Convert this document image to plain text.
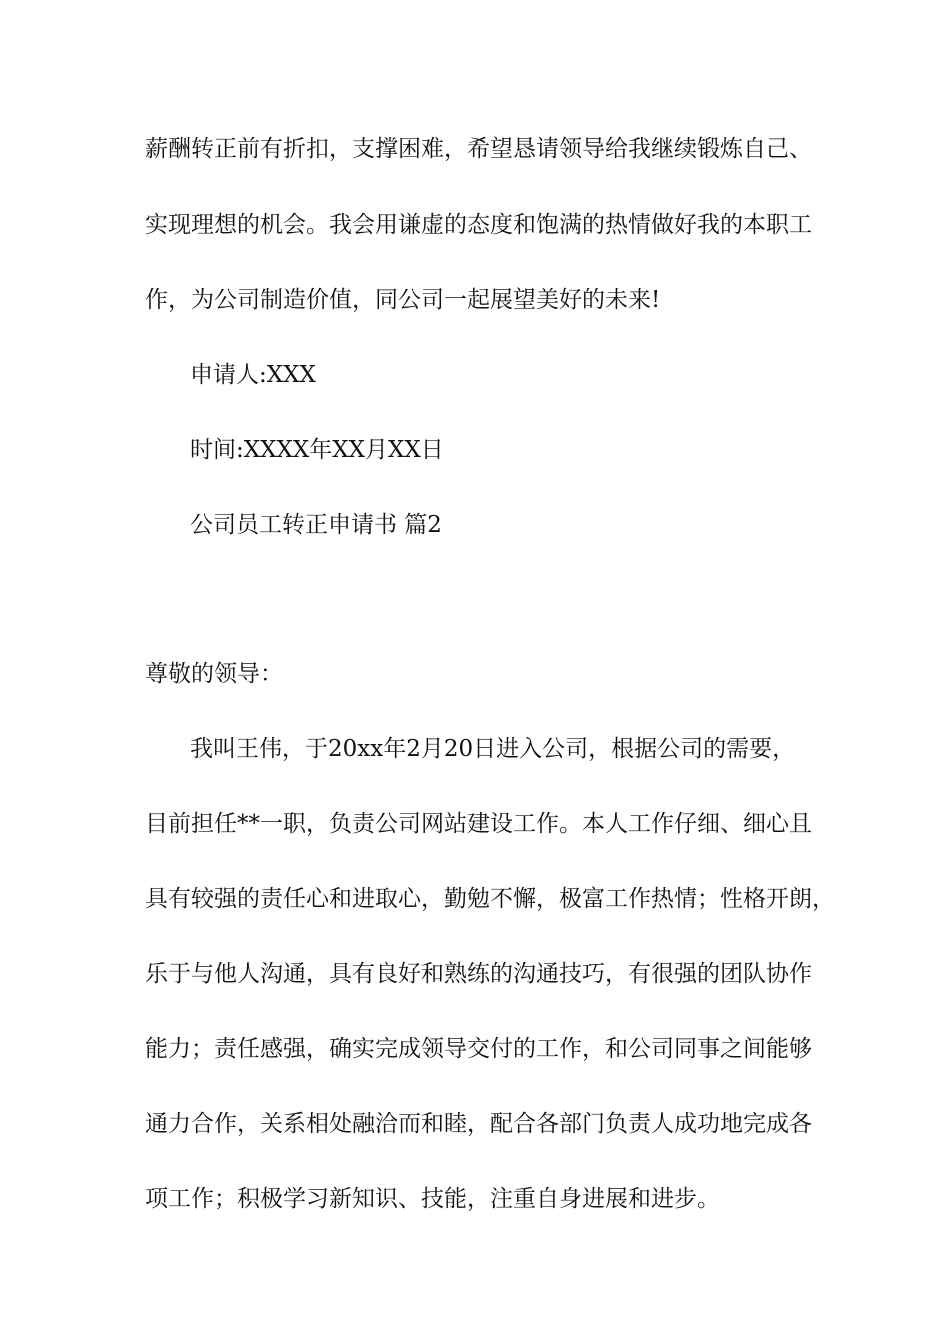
薪酬转正前有折扣，支撑困难，希望恳请领导给我继续锻炼自己、
实现理想的机会。我会用谦虚的态度和饱满的热情做好我的本职工
作，为公司制造价值，同公司一起展望美好的未来!
申请人:XXX
时间:XXXX年XX月XX日
公司员工转正申请书 篇2
尊敬的领导：
我叫王伟，于20xx年2月20日进入公司，根据公司的需要，
目前担任**一职，负责公司网站建设工作。本人工作仔细、细心且
具有较强的责任心和进取心，勤勉不懈，极富工作热情；性格开朗，
乐于与他人沟通，具有良好和熟练的沟通技巧，有很强的团队协作
能力；责任感强，确实完成领导交付的工作，和公司同事之间能够
通力合作，关系相处融洽而和睦，配合各部门负责人成功地完成各
项工作；积极学习新知识、技能，注重自身进展和进步。
